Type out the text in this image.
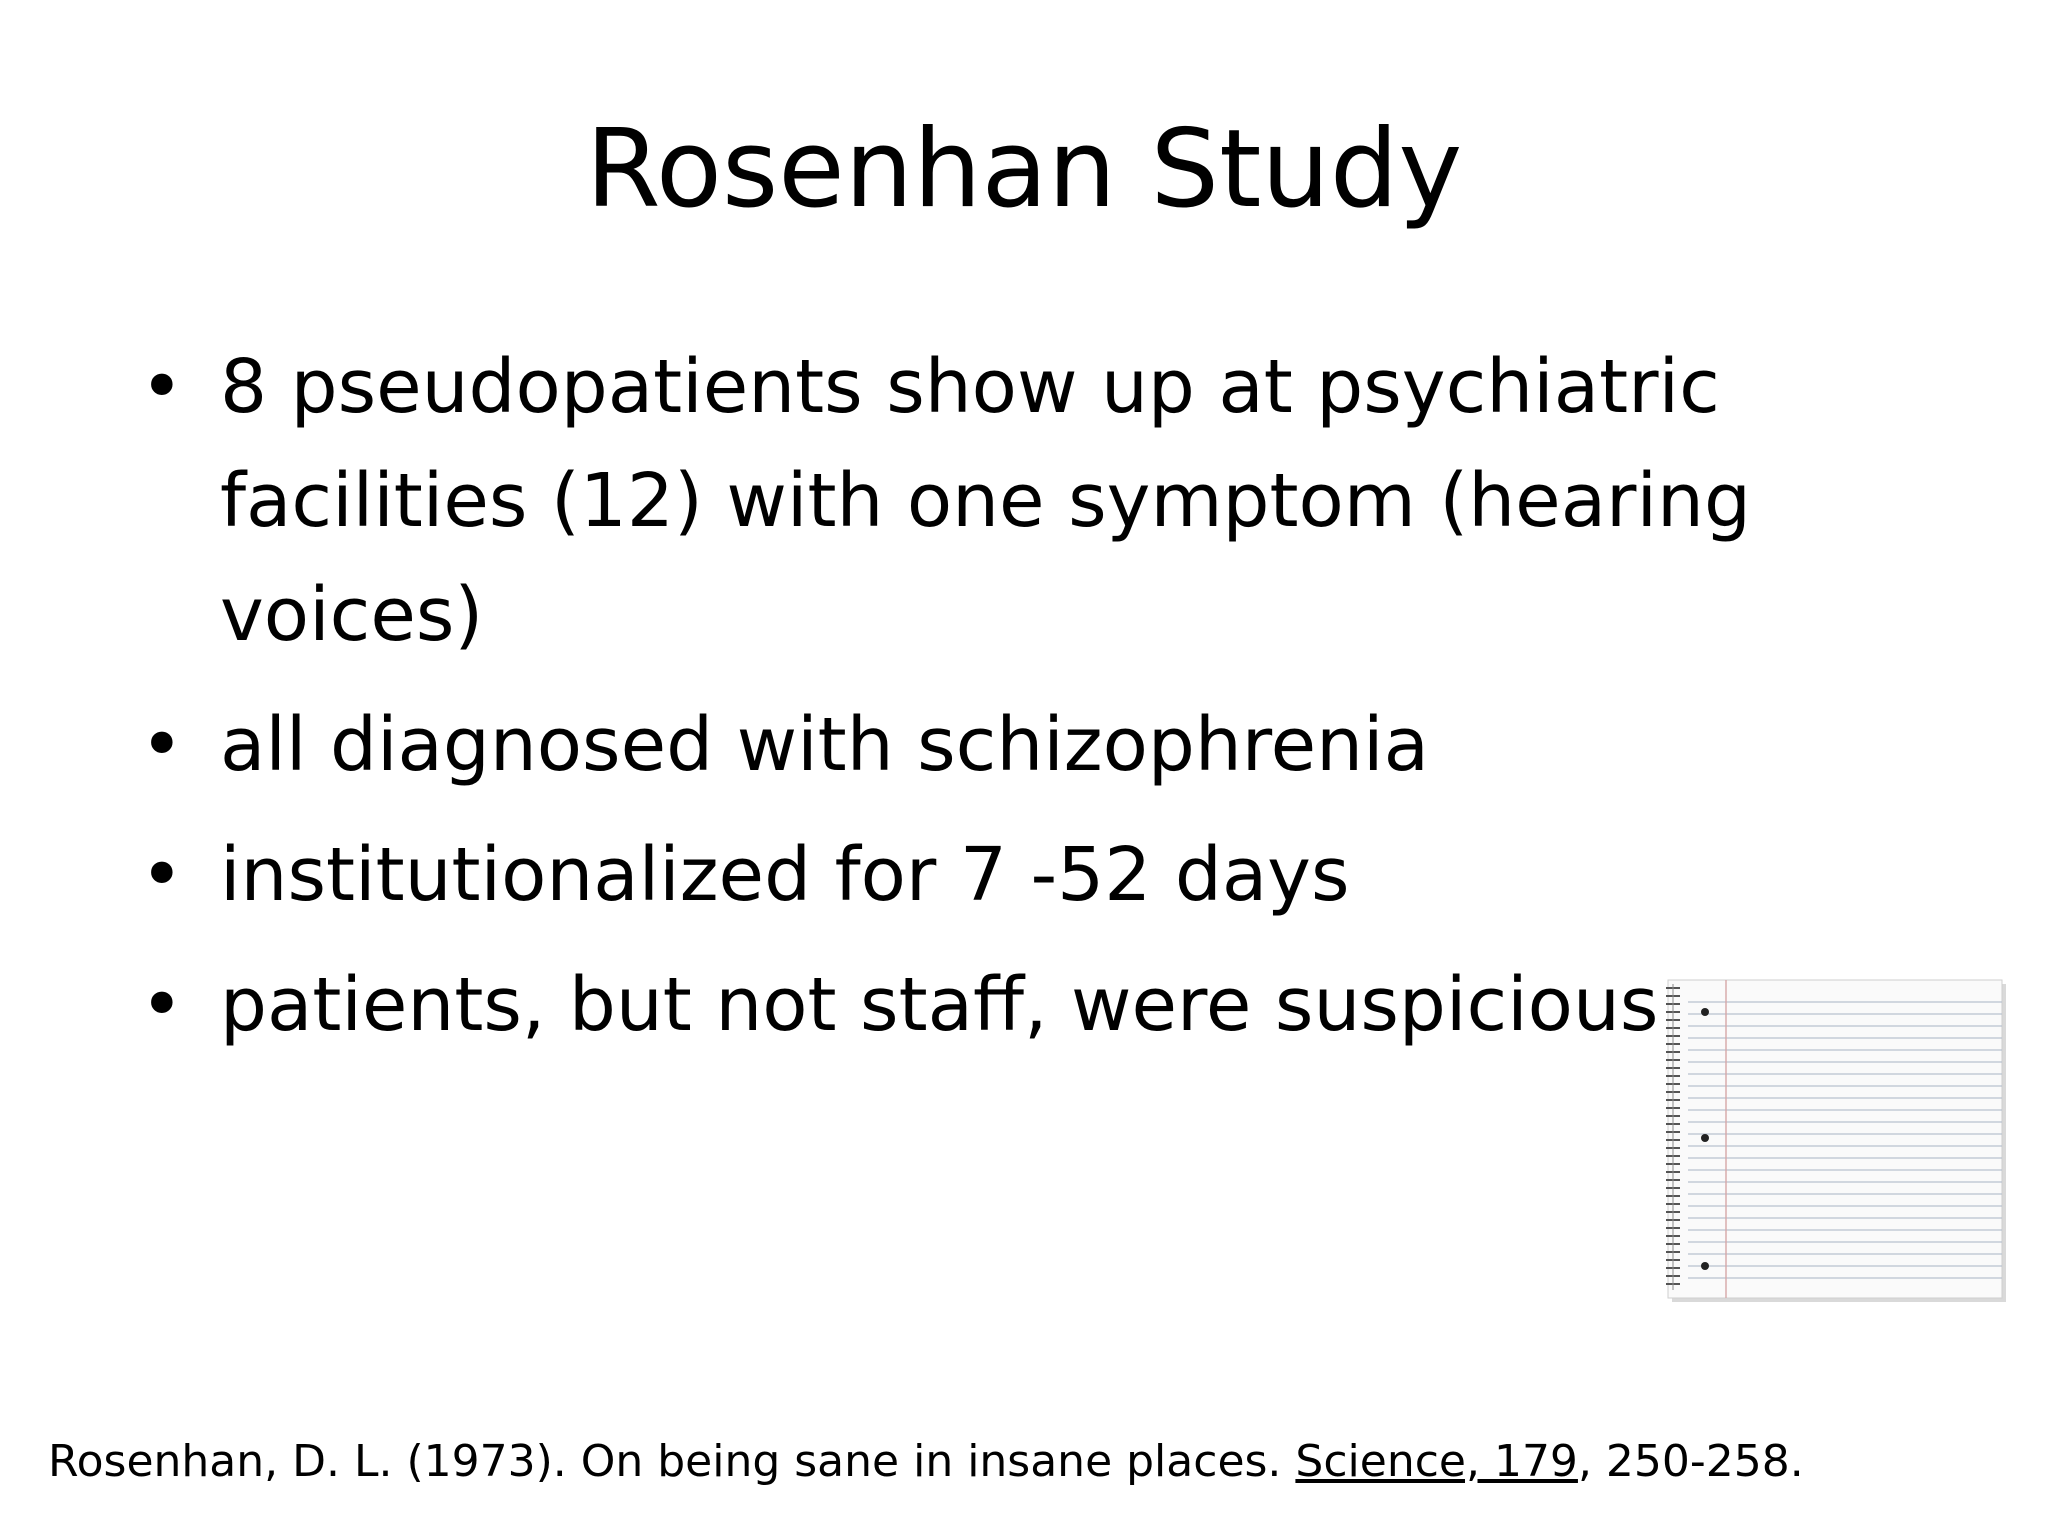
Rosenhan Study
• 8 pseudopatients show up at psychiatric facilities (12) with one symptom (hearing voices)
• all diagnosed with schizophrenia
• institutionalized for 7 -52 days
• patients, but not staff, were suspicious
Rosenhan, D. L. (1973). On being sane in insane places. Science, 179, 250-258.
